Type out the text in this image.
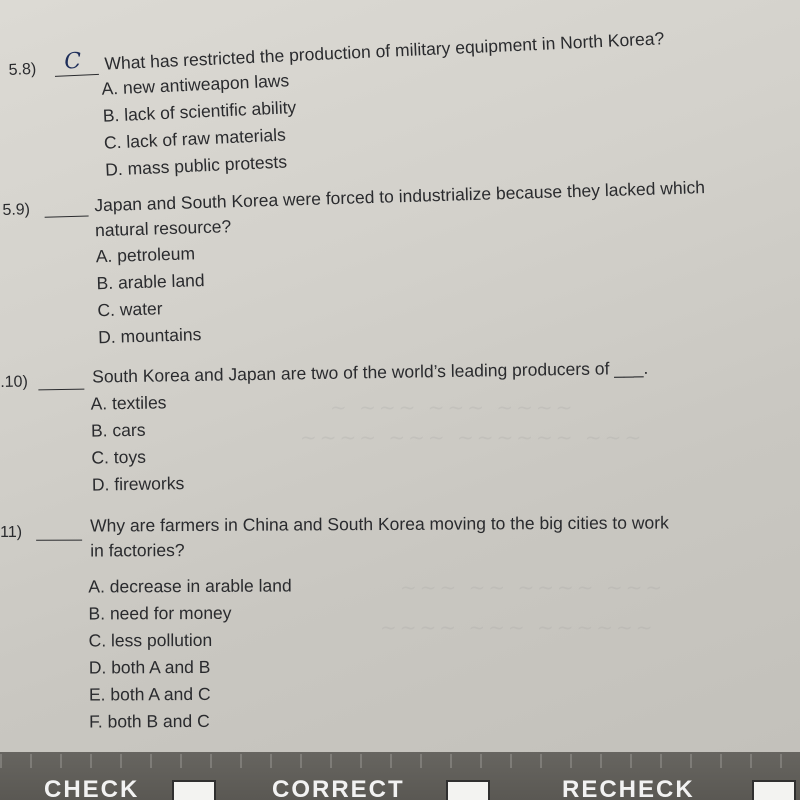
~ ~~~ ~~~ ~~~~
~~~~ ~~~ ~~~~~~ ~~~
~~~ ~~ ~~~~ ~~~
~~~~ ~~~ ~~~~~~
5.8) C What has restricted the production of military equipment in North Korea?
A. new antiweapon laws
B. lack of scientific ability
C. lack of raw materials
D. mass public protests
5.9)	Japan and South Korea were forced to industrialize because they lacked which
natural resource?
A. petroleum
B. arable land
C. water
D. mountains
.10)	South Korea and Japan are two of the world’s leading producers of ___.
A. textiles
B. cars
C. toys
D. fireworks
11)	Why are farmers in China and South Korea moving to the big cities to work
in factories?
A. decrease in arable land
B. need for money
C. less pollution
D. both A and B
E. both A and C
F. both B and C
CHECK	CORRECT	RECHECK
